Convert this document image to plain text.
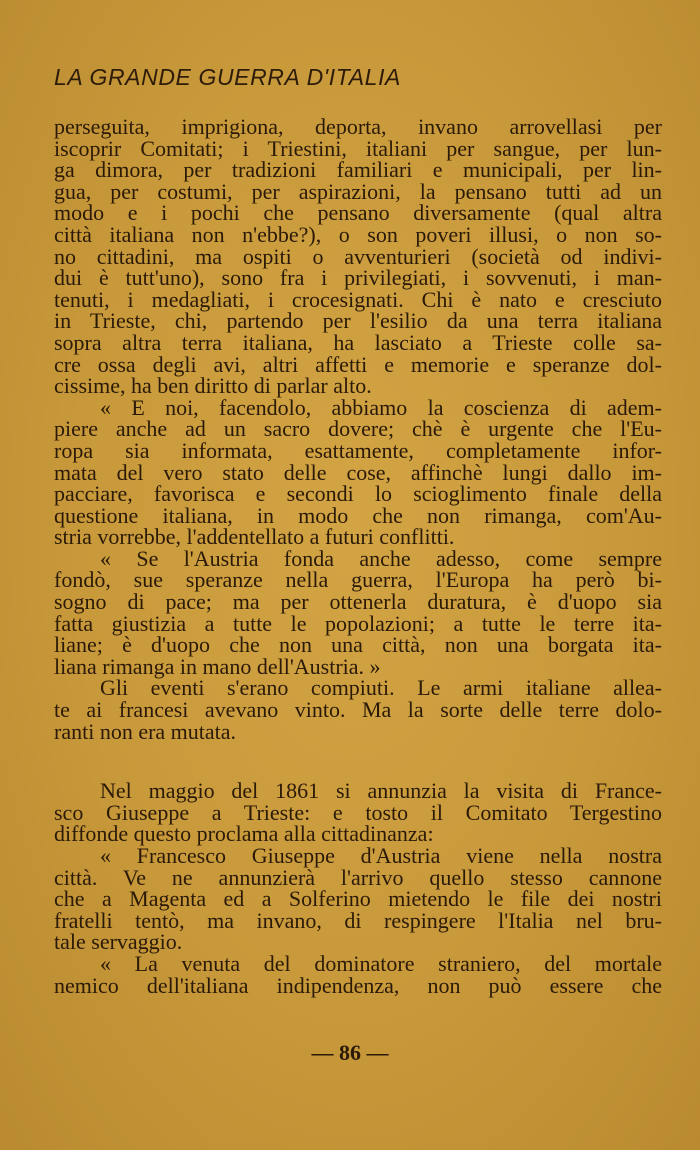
LA GRANDE GUERRA D'ITALIA
perseguita, imprigiona, deporta, invano arrovellasi per
iscoprir Comitati; i Triestini, italiani per sangue, per lun-
ga dimora, per tradizioni familiari e municipali, per lin-
gua, per costumi, per aspirazioni, la pensano tutti ad un
modo e i pochi che pensano diversamente (qual altra
città italiana non n'ebbe?), o son poveri illusi, o non so-
no cittadini, ma ospiti o avventurieri (società od indivi-
dui è tutt'uno), sono fra i privilegiati, i sovvenuti, i man-
tenuti, i medagliati, i crocesignati. Chi è nato e cresciuto
in Trieste, chi, partendo per l'esilio da una terra italiana
sopra altra terra italiana, ha lasciato a Trieste colle sa-
cre ossa degli avi, altri affetti e memorie e speranze dol-
cissime, ha ben diritto di parlar alto.
« E noi, facendolo, abbiamo la coscienza di adem-
piere anche ad un sacro dovere; chè è urgente che l'Eu-
ropa sia informata, esattamente, completamente infor-
mata del vero stato delle cose, affinchè lungi dallo im-
pacciare, favorisca e secondi lo scioglimento finale della
questione italiana, in modo che non rimanga, com'Au-
stria vorrebbe, l'addentellato a futuri conflitti.
« Se l'Austria fonda anche adesso, come sempre
fondò, sue speranze nella guerra, l'Europa ha però bi-
sogno di pace; ma per ottenerla duratura, è d'uopo sia
fatta giustizia a tutte le popolazioni; a tutte le terre ita-
liane; è d'uopo che non una città, non una borgata ita-
liana rimanga in mano dell'Austria. »
Gli eventi s'erano compiuti. Le armi italiane allea-
te ai francesi avevano vinto. Ma la sorte delle terre dolo-
ranti non era mutata.
Nel maggio del 1861 si annunzia la visita di France-
sco Giuseppe a Trieste: e tosto il Comitato Tergestino
diffonde questo proclama alla cittadinanza:
« Francesco Giuseppe d'Austria viene nella nostra
città. Ve ne annunzierà l'arrivo quello stesso cannone
che a Magenta ed a Solferino mietendo le file dei nostri
fratelli tentò, ma invano, di respingere l'Italia nel bru-
tale servaggio.
« La venuta del dominatore straniero, del mortale
nemico dell'italiana indipendenza, non può essere che
— 86 —
